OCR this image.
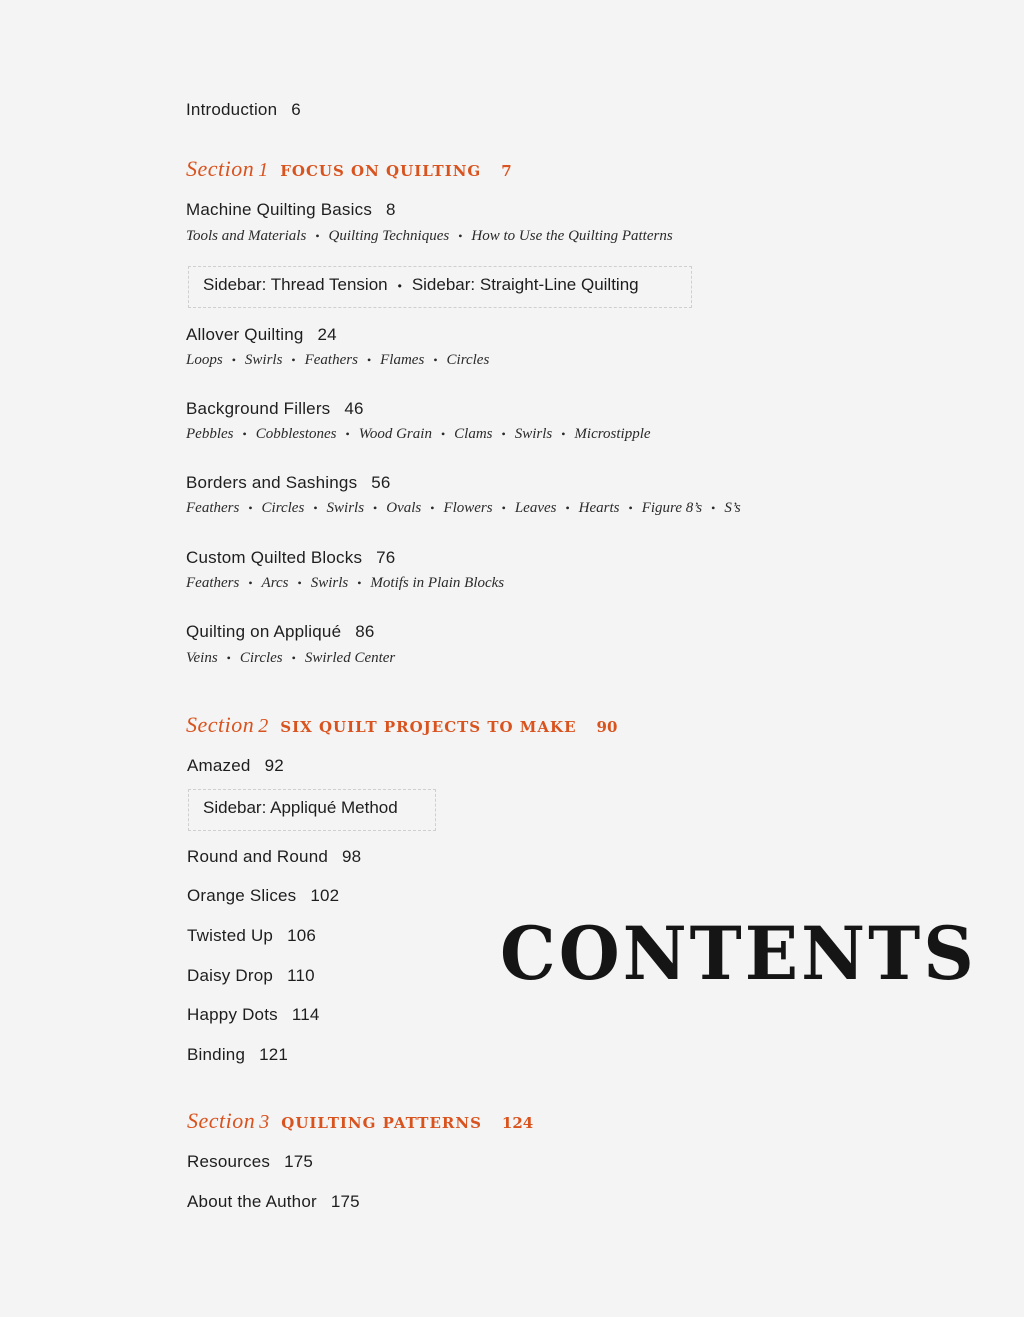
Introduction 6
Section 1 FOCUS ON QUILTING 7
Machine Quilting Basics 8
Tools and Materials • Quilting Techniques • How to Use the Quilting Patterns
Sidebar: Thread Tension • Sidebar: Straight-Line Quilting
Allover Quilting 24
Loops • Swirls • Feathers • Flames • Circles
Background Fillers 46
Pebbles • Cobblestones • Wood Grain • Clams • Swirls • Microstipple
Borders and Sashings 56
Feathers • Circles • Swirls • Ovals • Flowers • Leaves • Hearts • Figure 8’s • S’s
Custom Quilted Blocks 76
Feathers • Arcs • Swirls • Motifs in Plain Blocks
Quilting on Appliqué 86
Veins • Circles • Swirled Center
Section 2 SIX QUILT PROJECTS TO MAKE 90
Amazed 92
Sidebar: Appliqué Method
Round and Round 98
Orange Slices 102
Twisted Up 106
Daisy Drop 110
Happy Dots 114
Binding 121
Section 3 QUILTING PATTERNS 124
Resources 175
About the Author 175
CONTENTS
